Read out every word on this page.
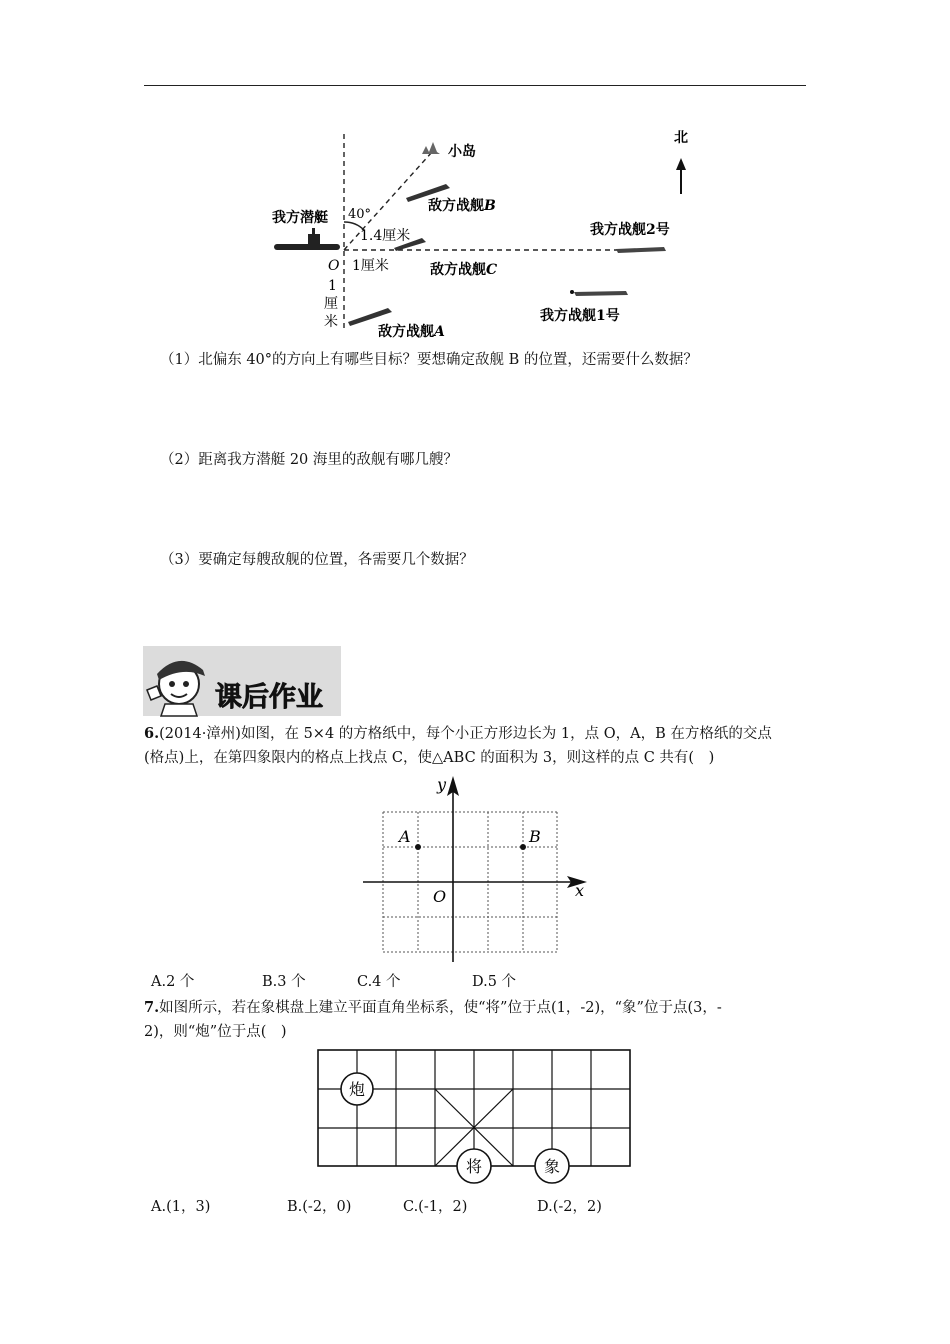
北
小岛
我方潜艇 40°
敌方战舰B
1.4厘米
敌方战舰C
O 1厘米
我方战舰2号
1
厘
米
敌方战舰A
我方战舰1号
（1）北偏东 40°的方向上有哪些目标？要想确定敌舰 B 的位置，还需要什么数据？
（2）距离我方潜艇 20 海里的敌舰有哪几艘？
（3）要确定每艘敌舰的位置，各需要几个数据？
课后作业
6.(2014·漳州)如图，在 5×4 的方格纸中，每个小正方形边长为 1，点 O，A，B 在方格纸的交点
(格点)上，在第四象限内的格点上找点 C，使△ABC 的面积为 3，则这样的点 C 共有(　)
A	B
O
y
x
A.2 个	B.3 个	C.4 个	D.5 个
7.如图所示，若在象棋盘上建立平面直角坐标系，使“将”位于点(1，-2)，“象”位于点(3，-
2)，则“炮”位于点(　)
炮
将	象
A.(1，3)	B.(-2，0)	C.(-1，2)	D.(-2，2)
